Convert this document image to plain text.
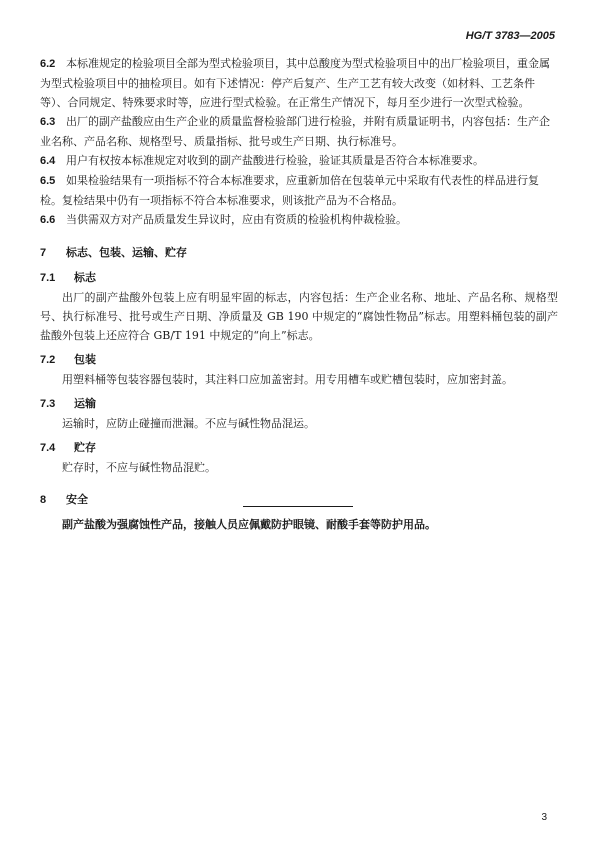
HG/T 3783—2005

6.2 本标准规定的检验项目全部为型式检验项目，其中总酸度为型式检验项目中的出厂检验项目，重金属为型式检验项目中的抽检项目。如有下述情况：停产后复产、生产工艺有较大改变（如材料、工艺条件等）、合同规定、特殊要求时等，应进行型式检验。在正常生产情况下，每月至少进行一次型式检验。

6.3 出厂的副产盐酸应由生产企业的质量监督检验部门进行检验，并附有质量证明书，内容包括：生产企业名称、产品名称、规格型号、质量指标、批号或生产日期、执行标准号。

6.4 用户有权按本标准规定对收到的副产盐酸进行检验，验证其质量是否符合本标准要求。

6.5 如果检验结果有一项指标不符合本标准要求，应重新加倍在包装单元中采取有代表性的样品进行复检。复检结果中仍有一项指标不符合本标准要求，则该批产品为不合格品。

6.6 当供需双方对产品质量发生异议时，应由有资质的检验机构仲裁检验。

7 标志、包装、运输、贮存
7.1 标志

出厂的副产盐酸外包装上应有明显牢固的标志，内容包括：生产企业名称、地址、产品名称、规格型号、执行标准号、批号或生产日期、净质量及 GB 190 中规定的“腐蚀性物品”标志。用塑料桶包装的副产盐酸外包装上还应符合 GB/T 191 中规定的“向上”标志。

7.2 包装

用塑料桶等包装容器包装时，其注料口应加盖密封。用专用槽车或贮槽包装时，应加密封盖。

7.3 运输

运输时，应防止碰撞而泄漏。不应与碱性物品混运。

7.4 贮存

贮存时，不应与碱性物品混贮。

8 安全

副产盐酸为强腐蚀性产品，接触人员应佩戴防护眼镜、耐酸手套等防护用品。

3
